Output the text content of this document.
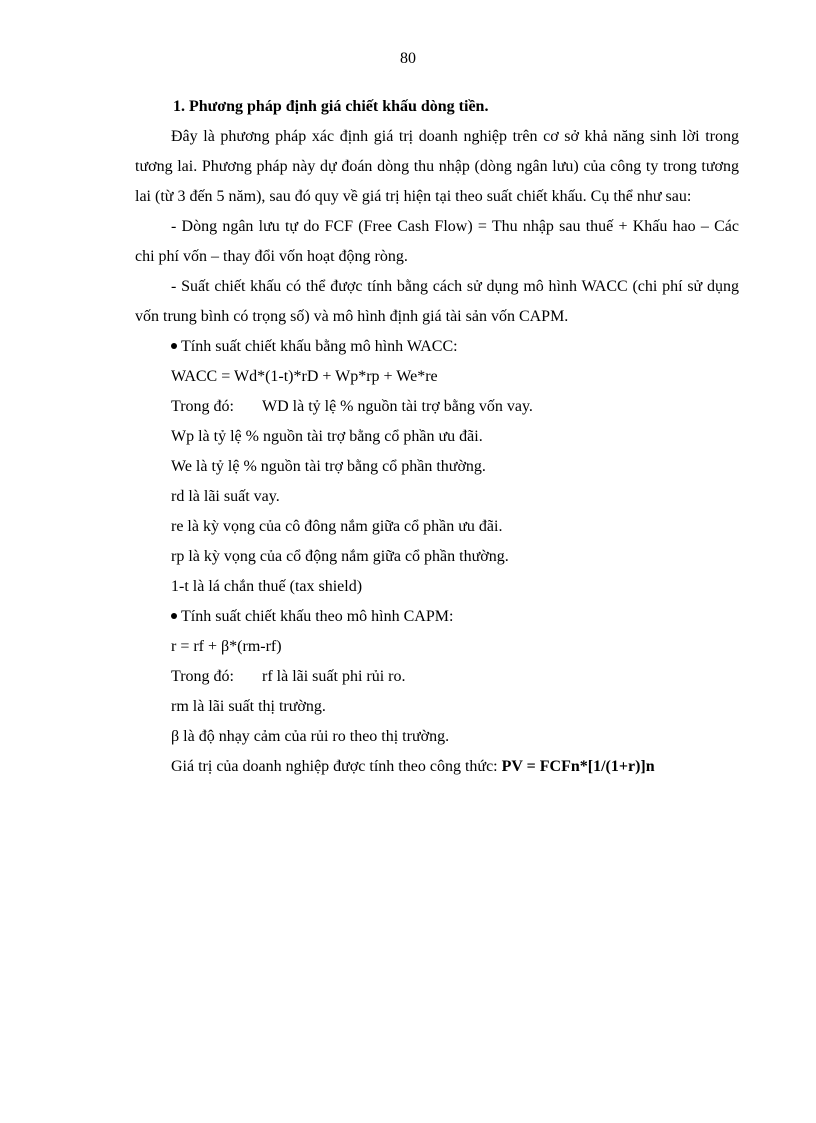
80

1. Phương pháp định giá chiết khấu dòng tiền.

Đây là phương pháp xác định giá trị doanh nghiệp trên cơ sở khả năng sinh lời trong tương lai. Phương pháp này dự đoán dòng thu nhập (dòng ngân lưu) của công ty trong tương lai (từ 3 đến 5 năm), sau đó quy về giá trị hiện tại theo suất chiết khấu. Cụ thể như sau:

- Dòng ngân lưu tự do FCF (Free Cash Flow) = Thu nhập sau thuế + Khấu hao – Các chi phí vốn – thay đổi vốn hoạt động ròng.

- Suất chiết khấu có thể được tính bằng cách sử dụng mô hình WACC (chi phí sử dụng vốn trung bình có trọng số) và mô hình định giá tài sản vốn CAPM.

Tính suất chiết khấu bằng mô hình WACC:

WACC = Wd*(1-t)*rD + Wp*rp + We*re

Trong đó: WD là tỷ lệ % nguồn tài trợ bằng vốn vay.

Wp là tỷ lệ % nguồn tài trợ bằng cổ phần ưu đãi.

We là tỷ lệ % nguồn tài trợ bằng cổ phần thường.

rd là lãi suất vay.

re là kỳ vọng của cô đông nắm giữa cổ phần ưu đãi.

rp là kỳ vọng của cổ động nắm giữa cổ phần thường.

1-t là lá chắn thuế (tax shield)

Tính suất chiết khấu theo mô hình CAPM:

r = rf + β*(rm-rf)

Trong đó: rf là lãi suất phi rủi ro.

rm là lãi suất thị trường.

β là độ nhạy cảm của rủi ro theo thị trường.

Giá trị của doanh nghiệp được tính theo công thức: PV = FCFn*[1/(1+r)]n
